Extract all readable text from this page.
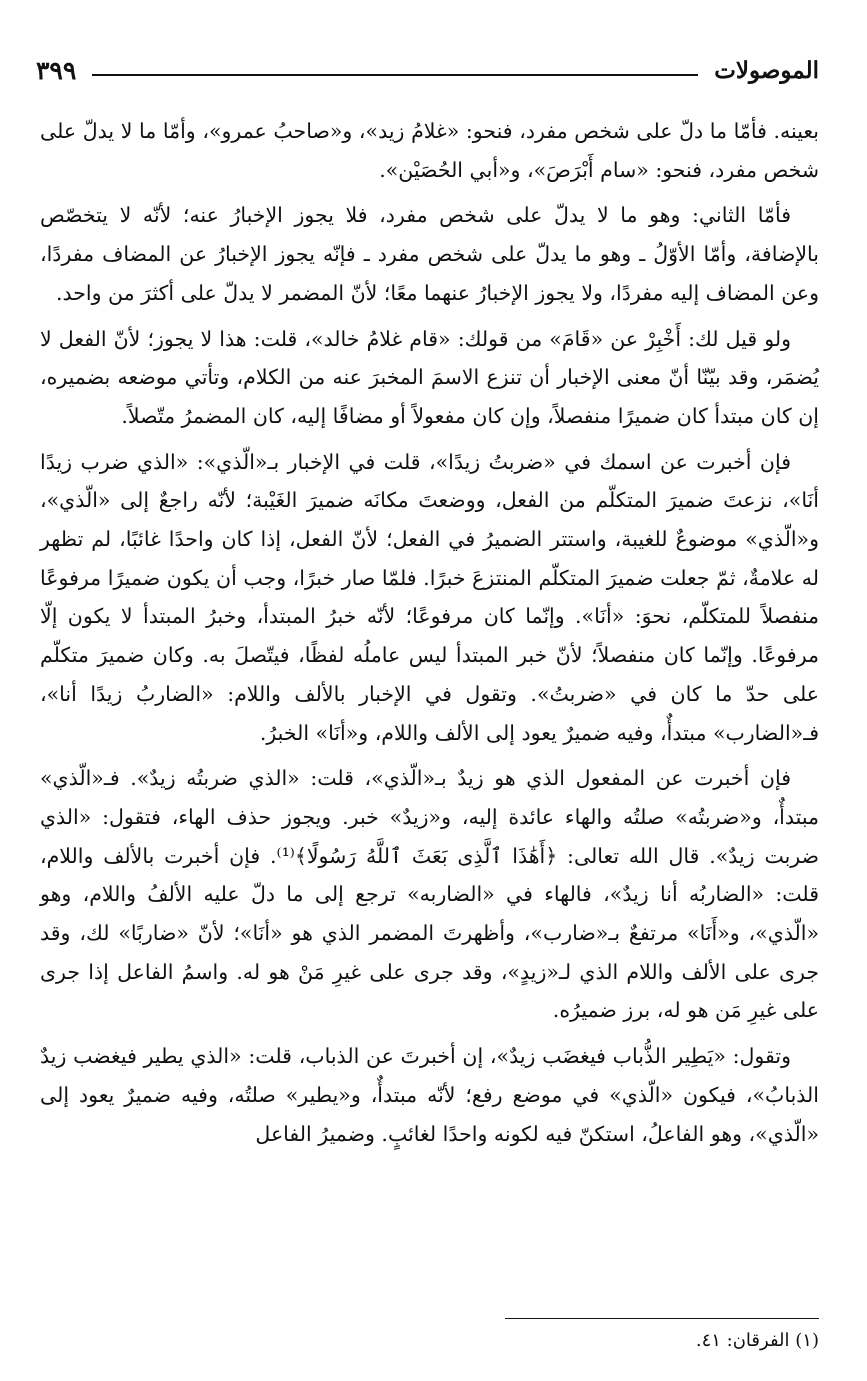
الموصولات
٣٩٩

بعينه. فأمّا ما دلّ على شخص مفرد، فنحو: «غلامُ زيد»، و«صاحبُ عمرو»، وأمّا ما لا يدلّ على شخص مفرد، فنحو: «سام أَبْرَصَ»، و«أبي الحُصَيْن».

فأمّا الثاني: وهو ما لا يدلّ على شخص مفرد، فلا يجوز الإخبارُ عنه؛ لأنّه لا يتخصّص بالإضافة، وأمّا الأوّلُ ـ وهو ما يدلّ على شخص مفرد ـ فإنّه يجوز الإخبارُ عن المضاف مفردًا، وعن المضاف إليه مفردًا، ولا يجوز الإخبارُ عنهما معًا؛ لأنّ المضمر لا يدلّ على أكثرَ من واحد.

ولو قيل لك: أَخْبِرْ عن «قَامَ» من قولك: «قام غلامُ خالد»، قلت: هذا لا يجوز؛ لأنّ الفعل لا يُضمَر، وقد بيّنّا أنّ معنى الإخبار أن تنزع الاسمَ المخبرَ عنه من الكلام، وتأتي موضعه بضميره، إن كان مبتدأ كان ضميرًا منفصلاً، وإن كان مفعولاً أو مضافًا إليه، كان المضمرُ متّصلاً.

فإن أخبرت عن اسمك في «ضربتُ زيدًا»، قلت في الإخبار بـ«الّذي»: «الذي ضرب زيدًا أنَا»، نزعتَ ضميرَ المتكلّم من الفعل، ووضعتَ مكانَه ضميرَ الغَيْبة؛ لأنّه راجعٌ إلى «الّذي»، و«الّذي» موضوعٌ للغيبة، واستتر الضميرُ في الفعل؛ لأنّ الفعل، إذا كان واحدًا غائبًا، لم تظهر له علامةٌ، ثمّ جعلت ضميرَ المتكلّم المنتزعَ خبرًا. فلمّا صار خبرًا، وجب أن يكون ضميرًا مرفوعًا منفصلاً للمتكلّم، نحوَ: «أنَا». وإنّما كان مرفوعًا؛ لأنّه خبرُ المبتدأ، وخبرُ المبتدأ لا يكون إلّا مرفوعًا. وإنّما كان منفصلاً؛ لأنّ خبر المبتدأ ليس عاملُه لفظًا، فيتّصلَ به. وكان ضميرَ متكلّم على حدّ ما كان في «ضربتُ». وتقول في الإخبار بالألف واللام: «الضاربُ زيدًا أنا»، فـ«الضارب» مبتدأٌ، وفيه ضميرٌ يعود إلى الألف واللام، و«أنَا» الخبرُ.

فإن أخبرت عن المفعول الذي هو زيدٌ بـ«الّذي»، قلت: «الذي ضربتُه زيدٌ». فـ«الّذي» مبتدأٌ، و«ضربتُه» صلتُه والهاء عائدة إليه، و«زيدٌ» خبر. ويجوز حذف الهاء، فتقول: «الذي ضربت زيدٌ». قال الله تعالى: ﴿أَهَٰذَا ٱلَّذِى بَعَثَ ٱللَّهُ رَسُولًا﴾⁽¹⁾. فإن أخبرت بالألف واللام، قلت: «الضاربُه أنا زيدٌ»، فالهاء في «الضاربه» ترجع إلى ما دلّ عليه الألفُ واللام، وهو «الّذي»، و«أَنَا» مرتفعٌ بـ«ضارب»، وأظهرتَ المضمر الذي هو «أنَا»؛ لأنّ «ضاربًا» لك، وقد جرى على الألف واللام الذي لـ«زيدٍ»، وقد جرى على غيرِ مَنْ هو له. واسمُ الفاعل إذا جرى على غيرِ مَن هو له، برز ضميرُه.

وتقول: «يَطِير الذُّباب فيغضَب زيدٌ»، إن أخبرتَ عن الذباب، قلت: «الذي يطير فيغضب زيدٌ الذبابُ»، فيكون «الّذي» في موضع رفع؛ لأنّه مبتدأٌ، و«يطير» صلتُه، وفيه ضميرٌ يعود إلى «الّذي»، وهو الفاعلُ، استكنّ فيه لكونه واحدًا لغائبٍ. وضميرُ الفاعل

(١) الفرقان: ٤١.
